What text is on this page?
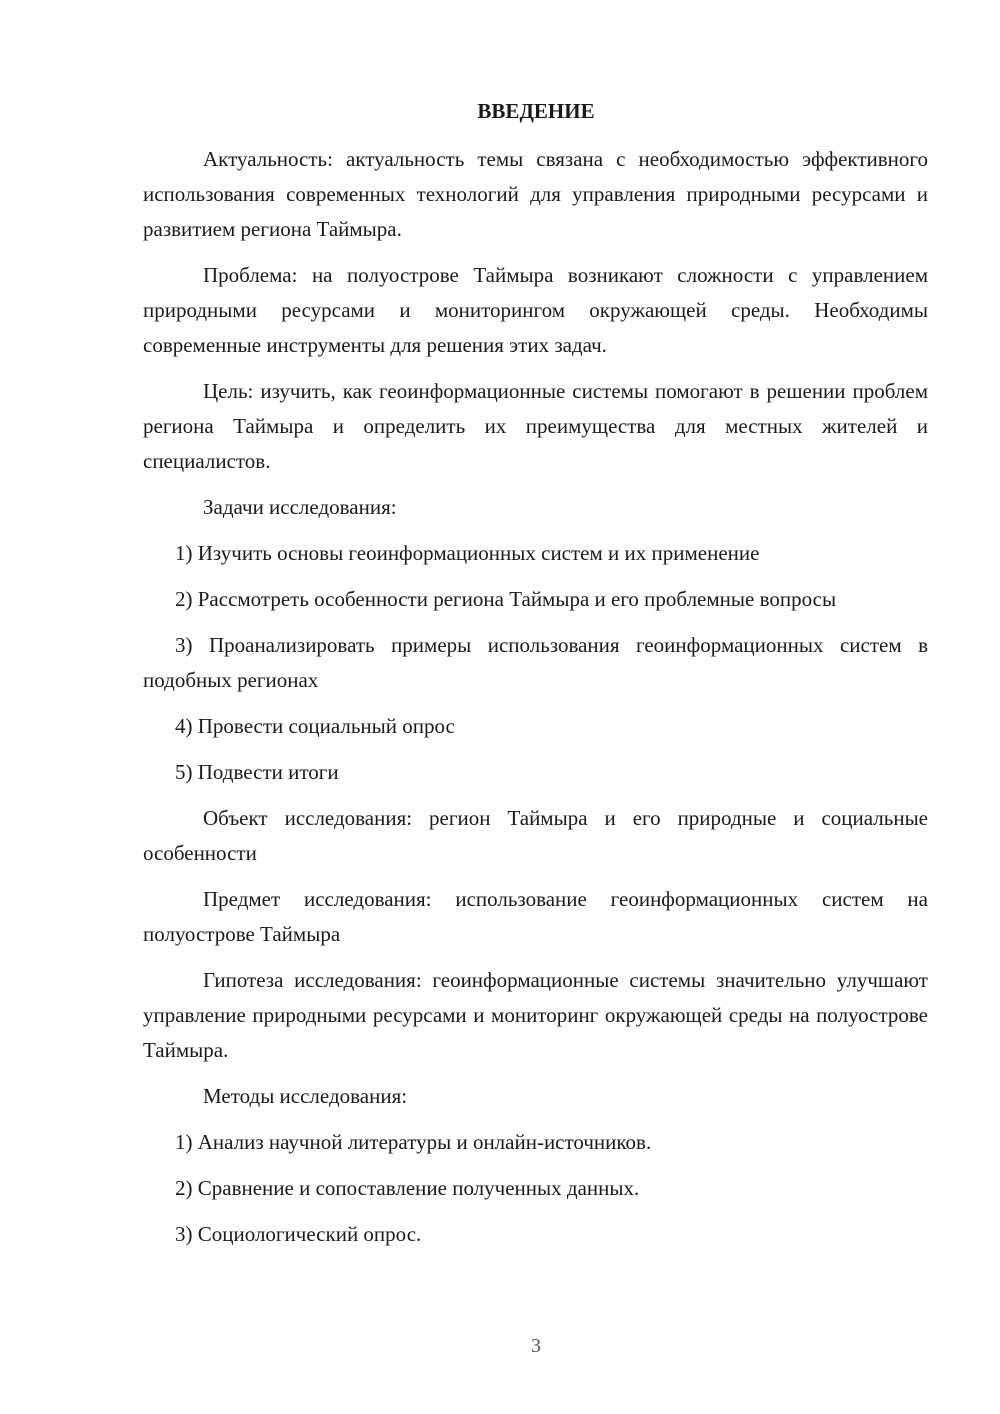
ВВЕДЕНИЕ

Актуальность: актуальность темы связана с необходимостью эффективного использования современных технологий для управления природными ресурсами и развитием региона Таймыра.

Проблема: на полуострове Таймыра возникают сложности с управлением природными ресурсами и мониторингом окружающей среды. Необходимы современные инструменты для решения этих задач.

Цель: изучить, как геоинформационные системы помогают в решении проблем региона Таймыра и определить их преимущества для местных жителей и специалистов.

Задачи исследования:

1) Изучить основы геоинформационных систем и их применение

2) Рассмотреть особенности региона Таймыра и его проблемные вопросы

3) Проанализировать примеры использования геоинформационных систем в подобных регионах

4) Провести социальный опрос

5) Подвести итоги

Объект исследования: регион Таймыра и его природные и социальные особенности

Предмет исследования: использование геоинформационных систем на полуострове Таймыра

Гипотеза исследования: геоинформационные системы значительно улучшают управление природными ресурсами и мониторинг окружающей среды на полуострове Таймыра.

Методы исследования:

1) Анализ научной литературы и онлайн-источников.

2) Сравнение и сопоставление полученных данных.

3) Социологический опрос.

3
